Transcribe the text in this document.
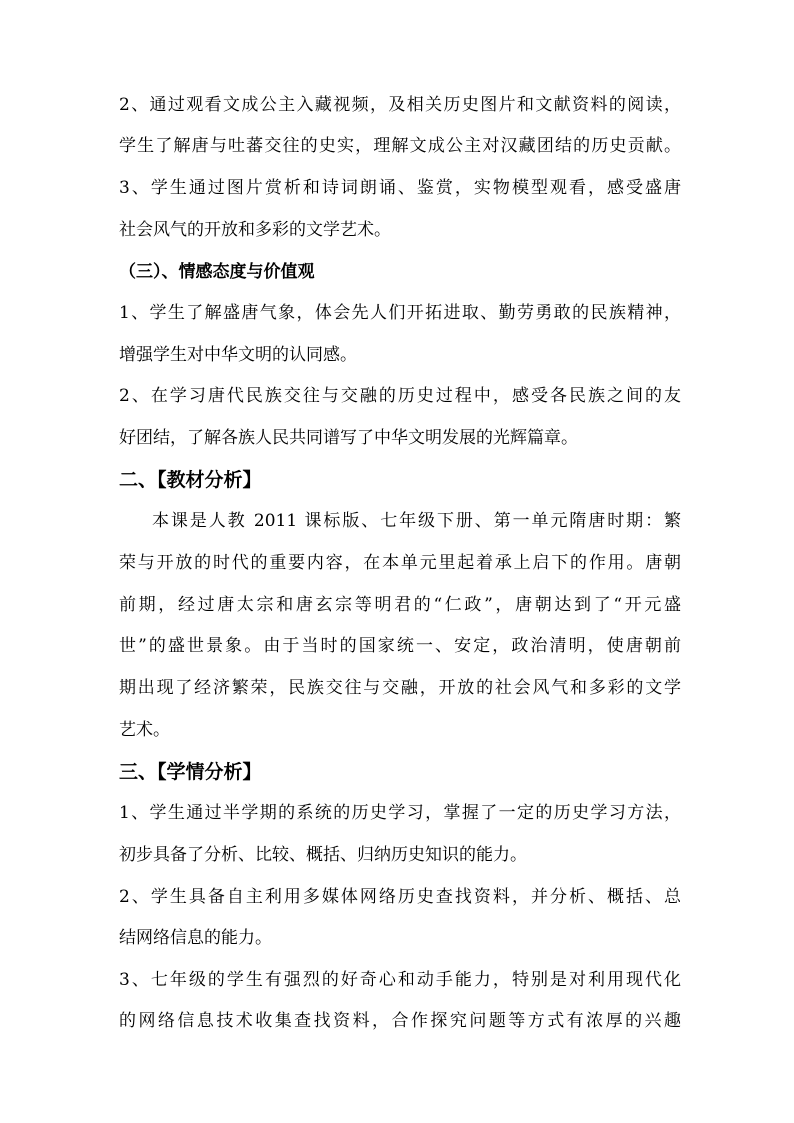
2、通过观看文成公主入藏视频，及相关历史图片和文献资料的阅读，
学生了解唐与吐蕃交往的史实，理解文成公主对汉藏团结的历史贡献。
3、学生通过图片赏析和诗词朗诵、鉴赏，实物模型观看，感受盛唐
社会风气的开放和多彩的文学艺术。
（三）、情感态度与价值观
1、学生了解盛唐气象，体会先人们开拓进取、勤劳勇敢的民族精神，
增强学生对中华文明的认同感。
2、在学习唐代民族交往与交融的历史过程中，感受各民族之间的友
好团结，了解各族人民共同谱写了中华文明发展的光辉篇章。
二、【教材分析】
本课是人教 2011 课标版、七年级下册、第一单元隋唐时期：繁
荣与开放的时代的重要内容，在本单元里起着承上启下的作用。唐朝
前期，经过唐太宗和唐玄宗等明君的“仁政”，唐朝达到了“开元盛
世”的盛世景象。由于当时的国家统一、安定，政治清明，使唐朝前
期出现了经济繁荣，民族交往与交融，开放的社会风气和多彩的文学
艺术。
三、【学情分析】
1、学生通过半学期的系统的历史学习，掌握了一定的历史学习方法，
初步具备了分析、比较、概括、归纳历史知识的能力。
2、学生具备自主利用多媒体网络历史查找资料，并分析、概括、总
结网络信息的能力。
3、七年级的学生有强烈的好奇心和动手能力，特别是对利用现代化
的网络信息技术收集查找资料，合作探究问题等方式有浓厚的兴趣
